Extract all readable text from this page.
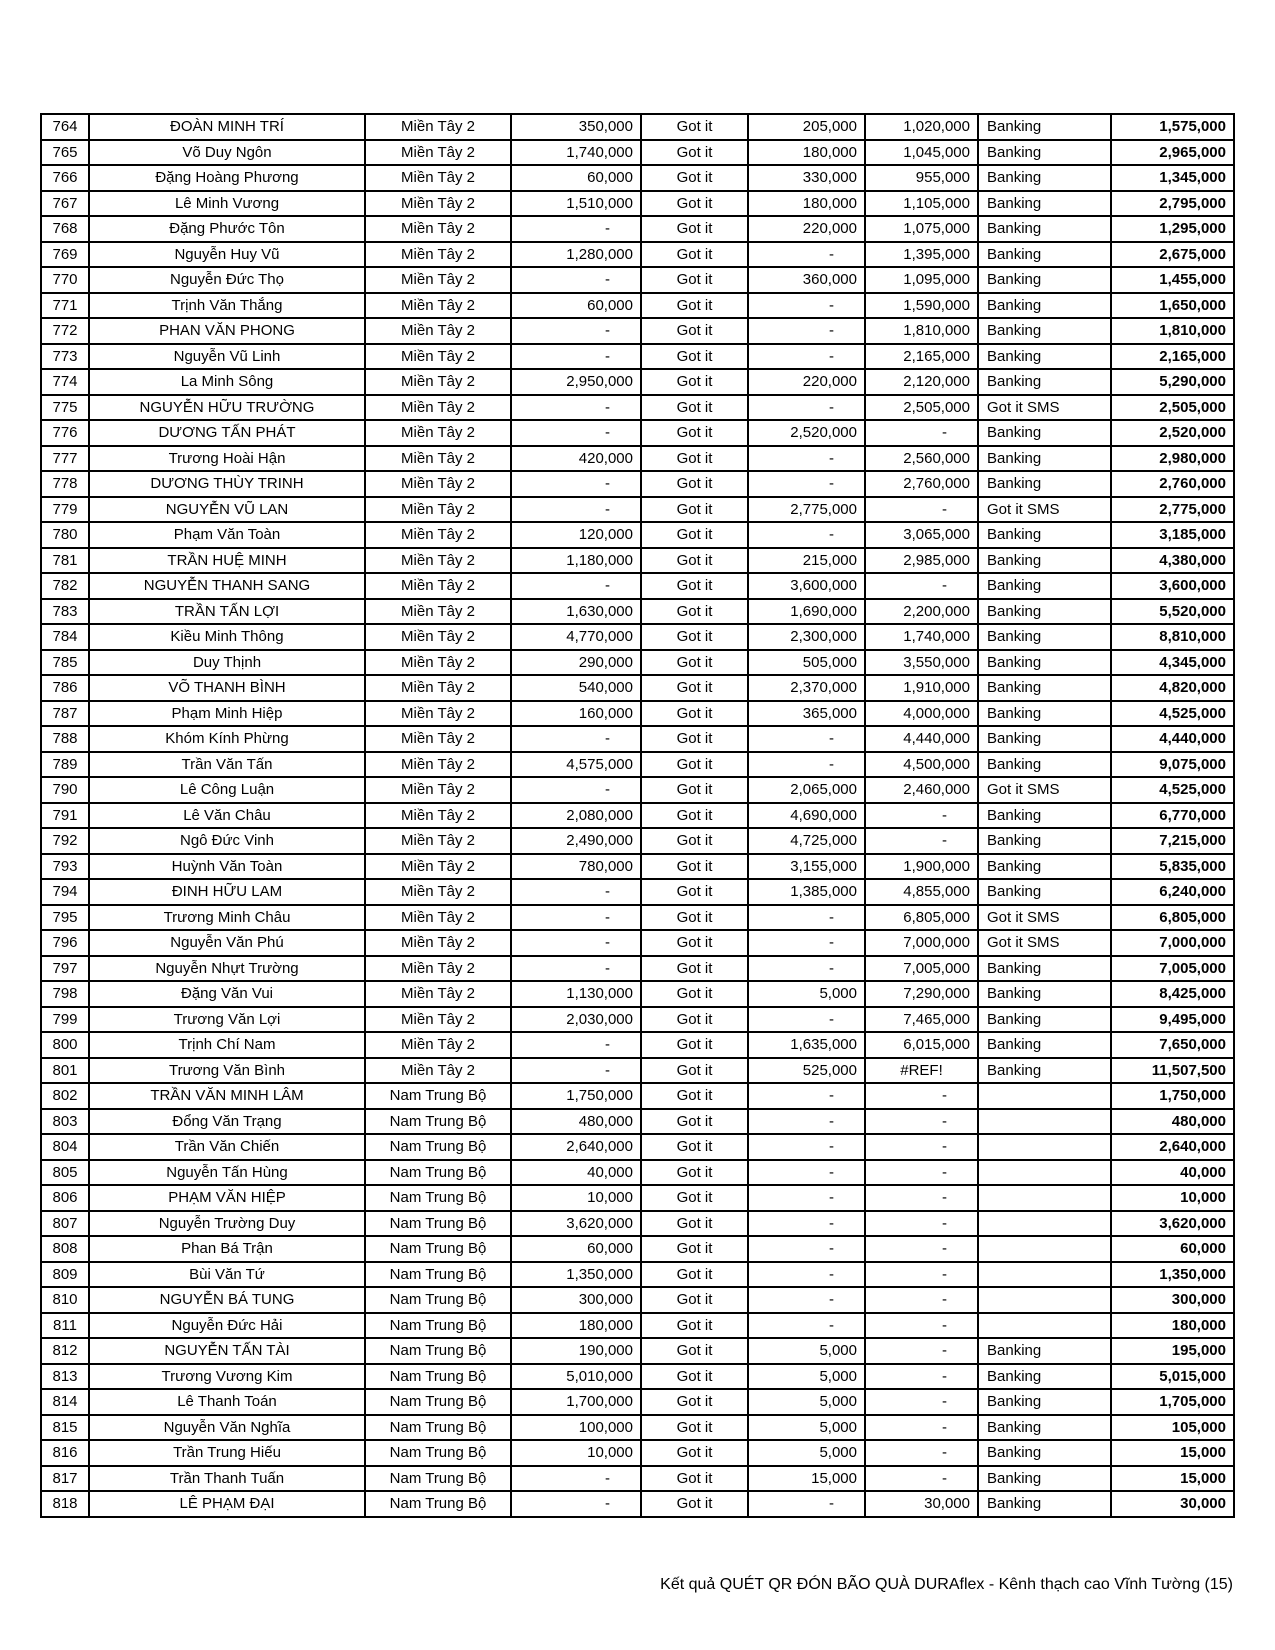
764	ĐOÀN MINH TRÍ	Miền Tây 2	350,000	Got it	205,000	1,020,000	Banking	1,575,000
765	Võ Duy Ngôn	Miền Tây 2	1,740,000	Got it	180,000	1,045,000	Banking	2,965,000
766	Đặng Hoàng Phương	Miền Tây 2	60,000	Got it	330,000	955,000	Banking	1,345,000
767	Lê Minh Vương	Miền Tây 2	1,510,000	Got it	180,000	1,105,000	Banking	2,795,000
768	Đặng Phước Tôn	Miền Tây 2	-	Got it	220,000	1,075,000	Banking	1,295,000
769	Nguyễn Huy Vũ	Miền Tây 2	1,280,000	Got it	-	1,395,000	Banking	2,675,000
770	Nguyễn Đức Thọ	Miền Tây 2	-	Got it	360,000	1,095,000	Banking	1,455,000
771	Trịnh Văn Thắng	Miền Tây 2	60,000	Got it	-	1,590,000	Banking	1,650,000
772	PHAN VĂN PHONG	Miền Tây 2	-	Got it	-	1,810,000	Banking	1,810,000
773	Nguyễn Vũ Linh	Miền Tây 2	-	Got it	-	2,165,000	Banking	2,165,000
774	La Minh Sông	Miền Tây 2	2,950,000	Got it	220,000	2,120,000	Banking	5,290,000
775	NGUYỄN HỮU TRƯỜNG	Miền Tây 2	-	Got it	-	2,505,000	Got it SMS	2,505,000
776	DƯƠNG TẤN PHÁT	Miền Tây 2	-	Got it	2,520,000	-	Banking	2,520,000
777	Trương Hoài Hận	Miền Tây 2	420,000	Got it	-	2,560,000	Banking	2,980,000
778	DƯƠNG THÙY TRINH	Miền Tây 2	-	Got it	-	2,760,000	Banking	2,760,000
779	NGUYỄN VŨ LAN	Miền Tây 2	-	Got it	2,775,000	-	Got it SMS	2,775,000
780	Phạm Văn Toàn	Miền Tây 2	120,000	Got it	-	3,065,000	Banking	3,185,000
781	TRẦN HUỆ MINH	Miền Tây 2	1,180,000	Got it	215,000	2,985,000	Banking	4,380,000
782	NGUYỄN THANH SANG	Miền Tây 2	-	Got it	3,600,000	-	Banking	3,600,000
783	TRẦN TẤN LỢI	Miền Tây 2	1,630,000	Got it	1,690,000	2,200,000	Banking	5,520,000
784	Kiều Minh Thông	Miền Tây 2	4,770,000	Got it	2,300,000	1,740,000	Banking	8,810,000
785	Duy Thịnh	Miền Tây 2	290,000	Got it	505,000	3,550,000	Banking	4,345,000
786	VÕ THANH BÌNH	Miền Tây 2	540,000	Got it	2,370,000	1,910,000	Banking	4,820,000
787	Phạm Minh Hiệp	Miền Tây 2	160,000	Got it	365,000	4,000,000	Banking	4,525,000
788	Khóm Kính Phừng	Miền Tây 2	-	Got it	-	4,440,000	Banking	4,440,000
789	Trần Văn Tấn	Miền Tây 2	4,575,000	Got it	-	4,500,000	Banking	9,075,000
790	Lê Công Luận	Miền Tây 2	-	Got it	2,065,000	2,460,000	Got it SMS	4,525,000
791	Lê Văn Châu	Miền Tây 2	2,080,000	Got it	4,690,000	-	Banking	6,770,000
792	Ngô Đức Vinh	Miền Tây 2	2,490,000	Got it	4,725,000	-	Banking	7,215,000
793	Huỳnh Văn Toàn	Miền Tây 2	780,000	Got it	3,155,000	1,900,000	Banking	5,835,000
794	ĐINH HỮU LAM	Miền Tây 2	-	Got it	1,385,000	4,855,000	Banking	6,240,000
795	Trương Minh Châu	Miền Tây 2	-	Got it	-	6,805,000	Got it SMS	6,805,000
796	Nguyễn Văn Phú	Miền Tây 2	-	Got it	-	7,000,000	Got it SMS	7,000,000
797	Nguyễn Nhựt Trường	Miền Tây 2	-	Got it	-	7,005,000	Banking	7,005,000
798	Đặng Văn Vui	Miền Tây 2	1,130,000	Got it	5,000	7,290,000	Banking	8,425,000
799	Trương Văn Lợi	Miền Tây 2	2,030,000	Got it	-	7,465,000	Banking	9,495,000
800	Trịnh Chí Nam	Miền Tây 2	-	Got it	1,635,000	6,015,000	Banking	7,650,000
801	Trương Văn Bình	Miền Tây 2	-	Got it	525,000	#REF!	Banking	11,507,500
802	TRẦN VĂN MINH LÂM	Nam Trung Bộ	1,750,000	Got it	-	-		1,750,000
803	Đổng Văn Trạng	Nam Trung Bộ	480,000	Got it	-	-		480,000
804	Trần Văn Chiến	Nam Trung Bộ	2,640,000	Got it	-	-		2,640,000
805	Nguyễn Tấn Hùng	Nam Trung Bộ	40,000	Got it	-	-		40,000
806	PHẠM VĂN HIỆP	Nam Trung Bộ	10,000	Got it	-	-		10,000
807	Nguyễn Trường Duy	Nam Trung Bộ	3,620,000	Got it	-	-		3,620,000
808	Phan Bá Trận	Nam Trung Bộ	60,000	Got it	-	-		60,000
809	Bùi Văn Tứ	Nam Trung Bộ	1,350,000	Got it	-	-		1,350,000
810	NGUYỄN BÁ TUNG	Nam Trung Bộ	300,000	Got it	-	-		300,000
811	Nguyễn Đức Hải	Nam Trung Bộ	180,000	Got it	-	-		180,000
812	NGUYỄN TẤN TÀI	Nam Trung Bộ	190,000	Got it	5,000	-	Banking	195,000
813	Trương Vương Kim	Nam Trung Bộ	5,010,000	Got it	5,000	-	Banking	5,015,000
814	Lê Thanh Toán	Nam Trung Bộ	1,700,000	Got it	5,000	-	Banking	1,705,000
815	Nguyễn Văn Nghĩa	Nam Trung Bộ	100,000	Got it	5,000	-	Banking	105,000
816	Trần Trung Hiếu	Nam Trung Bộ	10,000	Got it	5,000	-	Banking	15,000
817	Trần Thanh Tuấn	Nam Trung Bộ	-	Got it	15,000	-	Banking	15,000
818	LÊ PHẠM ĐẠI	Nam Trung Bộ	-	Got it	-	30,000	Banking	30,000
Kết quả QUÉT QR ĐÓN BÃO QUÀ DURAflex - Kênh thạch cao Vĩnh Tường (15)
